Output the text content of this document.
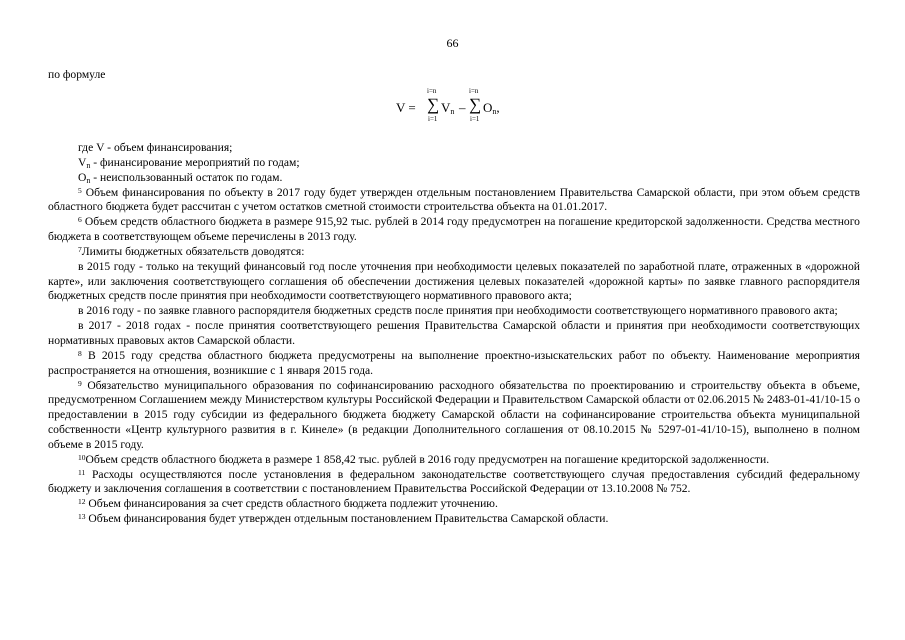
66
по формуле
V =
i=n
∑
i=1
$V_n$ –
i=n
∑
i=1
$O_n$,

где V - объем финансирования;

Vn - финансирование мероприятий по годам;

On - неиспользованный остаток по годам.

$^5$ Объем финансирования по объекту в 2017 году будет утвержден отдельным постановлением Правительства Самарской области, при этом объем средств областного бюджета будет рассчитан с учетом остатков сметной стоимости строительства объекта на 01.01.2017.

$^6$ Объем средств областного бюджета в размере 915,92 тыс. рублей в 2014 году предусмотрен на погашение кредиторской задолженности. Средства местного бюджета в соответствующем объеме перечислены в 2013 году.

$^7$Лимиты бюджетных обязательств доводятся:

в 2015 году - только на текущий финансовый год после уточнения при необходимости целевых показателей по заработной плате, отраженных в «дорожной карте», или заключения соответствующего соглашения об обеспечении достижения целевых показателей «дорожной карты» по заявке главного распорядителя бюджетных средств после принятия при необходимости соответствующего нормативного правового акта;

в 2016 году - по заявке главного распорядителя бюджетных средств после принятия при необходимости соответствующего нормативного правового акта;

в 2017 - 2018 годах - после принятия соответствующего решения Правительства Самарской области и принятия при необходимости соответствующих нормативных правовых актов Самарской области.

$^8$ В 2015 году средства областного бюджета предусмотрены на выполнение проектно-изыскательских работ по объекту. Наименование мероприятия распространяется на отношения, возникшие с 1 января 2015 года.

$^9$ Обязательство муниципального образования по софинансированию расходного обязательства по проектированию и строительству объекта в объеме, предусмотренном Соглашением между Министерством культуры Российской Федерации и Правительством Самарской области от 02.06.2015 № 2483-01-41/10-15 о предоставлении в 2015 году субсидии из федерального бюджета бюджету Самарской области на софинансирование строительства объекта муниципальной собственности «Центр культурного развития в г. Кинеле» (в редакции Дополнительного соглашения от 08.10.2015 № 5297-01-41/10-15), выполнено в полном объеме в 2015 году.

$^{10}$Объем средств областного бюджета в размере 1 858,42 тыс. рублей в 2016 году предусмотрен на погашение кредиторской задолженности.

$^{11}$ Расходы осуществляются после установления в федеральном законодательстве соответствующего случая предоставления субсидий федеральному бюджету и заключения соглашения в соответствии с постановлением Правительства Российской Федерации от 13.10.2008 № 752.

$^{12}$ Объем финансирования за счет средств областного бюджета подлежит уточнению.

$^{13}$ Объем финансирования будет утвержден отдельным постановлением Правительства Самарской области.
